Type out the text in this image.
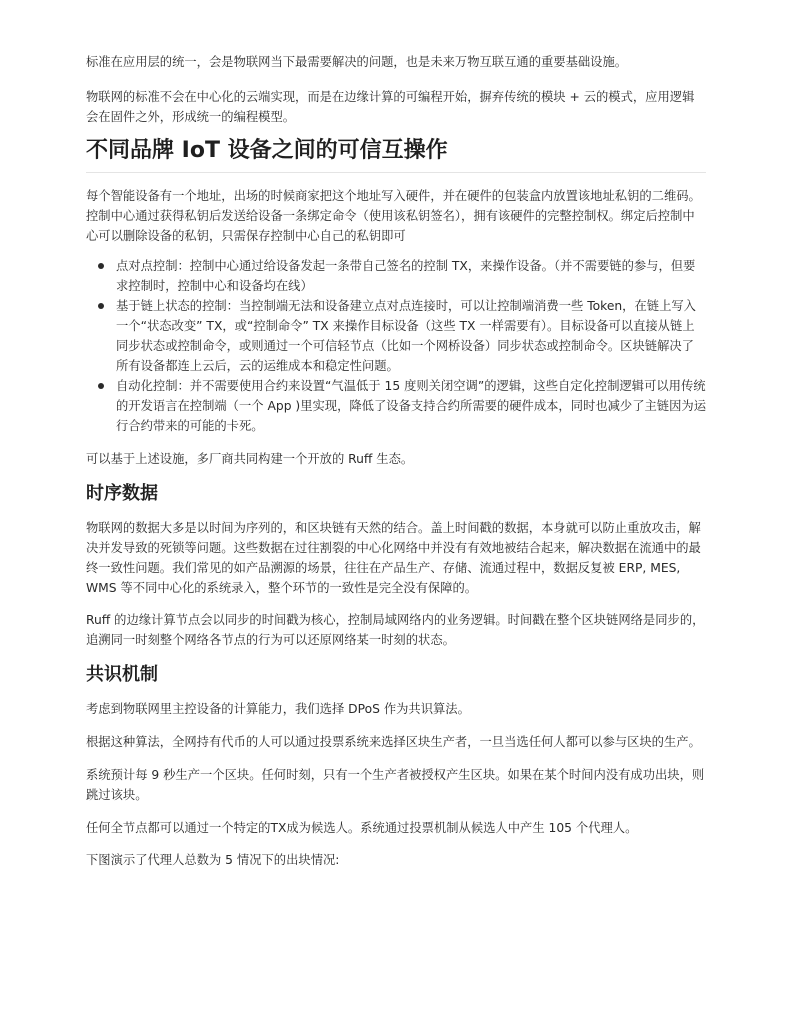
标准在应用层的统一，会是物联网当下最需要解决的问题，也是未来万物互联互通的重要基础设施。

物联网的标准不会在中心化的云端实现，而是在边缘计算的可编程开始，摒弃传统的模块 + 云的模式，应用逻辑会在固件之外，形成统一的编程模型。

不同品牌 IoT 设备之间的可信互操作

每个智能设备有一个地址，出场的时候商家把这个地址写入硬件，并在硬件的包装盒内放置该地址私钥的二维码。 控制中心通过获得私钥后发送给设备一条绑定命令（使用该私钥签名），拥有该硬件的完整控制权。绑定后控制中心可以删除设备的私钥，只需保存控制中心自己的私钥即可

点对点控制：控制中心通过给设备发起一条带自己签名的控制 TX，来操作设备。（并不需要链的参与，但要求控制时，控制中心和设备均在线）
基于链上状态的控制：当控制端无法和设备建立点对点连接时，可以让控制端消费一些 Token，在链上写入一个“状态改变” TX，或“控制命令” TX 来操作目标设备（这些 TX 一样需要有）。目标设备可以直接从链上同步状态或控制命令，或则通过一个可信轻节点（比如一个网桥设备）同步状态或控制命令。区块链解决了所有设备都连上云后，云的运维成本和稳定性问题。
自动化控制：并不需要使用合约来设置“气温低于 15 度则关闭空调”的逻辑，这些自定化控制逻辑可以用传统的开发语言在控制端（一个 App )里实现，降低了设备支持合约所需要的硬件成本，同时也减少了主链因为运行合约带来的可能的卡死。

可以基于上述设施，多厂商共同构建一个开放的 Ruff 生态。

时序数据

物联网的数据大多是以时间为序列的，和区块链有天然的结合。盖上时间戳的数据，本身就可以防止重放攻击，解决并发导致的死锁等问题。这些数据在过往割裂的中心化网络中并没有有效地被结合起来，解决数据在流通中的最终一致性问题。我们常见的如产品溯源的场景，往往在产品生产、存储、流通过程中，数据反复被 ERP, MES, WMS 等不同中心化的系统录入，整个环节的一致性是完全没有保障的。

Ruff 的边缘计算节点会以同步的时间戳为核心，控制局域网络内的业务逻辑。时间戳在整个区块链网络是同步的，追溯同一时刻整个网络各节点的行为可以还原网络某一时刻的状态。

共识机制

考虑到物联网里主控设备的计算能力，我们选择 DPoS 作为共识算法。

根据这种算法，全网持有代币的人可以通过投票系统来选择区块生产者，一旦当选任何人都可以参与区块的生产。

系统预计每 9 秒生产一个区块。任何时刻，只有一个生产者被授权产生区块。如果在某个时间内没有成功出块，则跳过该块。

任何全节点都可以通过一个特定的TX成为候选人。系统通过投票机制从候选人中产生 105 个代理人。

下图演示了代理人总数为 5 情况下的出块情况:
